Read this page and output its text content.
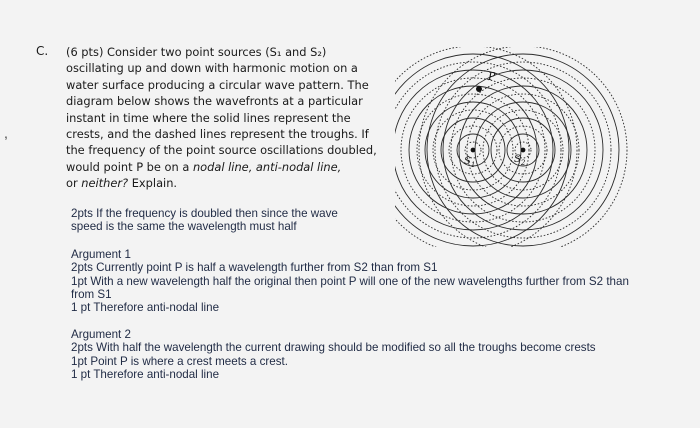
,
C. (6 pts) Consider two point sources (S₁ and S₂)
oscillating up and down with harmonic motion on a
water surface producing a circular wave pattern. The
diagram below shows the wavefronts at a particular
instant in time where the solid lines represent the
crests, and the dashed lines represent the troughs. If
the frequency of the point source oscillations doubled,
would point P be on a nodal line, anti-nodal line,
or neither? Explain.
P
$S_1$	$S_2$
2pts If the frequency is doubled then since the wave
speed is the same the wavelength must half
Argument 1
2pts Currently point P is half a wavelength further from S2 than from S1
1pt With a new wavelength half the original then point P will one of the new wavelengths further from S2 than
from S1
1 pt Therefore anti-nodal line
Argument 2
2pts With half the wavelength the current drawing should be modified so all the troughs become crests
1pt Point P is where a crest meets a crest.
1 pt Therefore anti-nodal line
